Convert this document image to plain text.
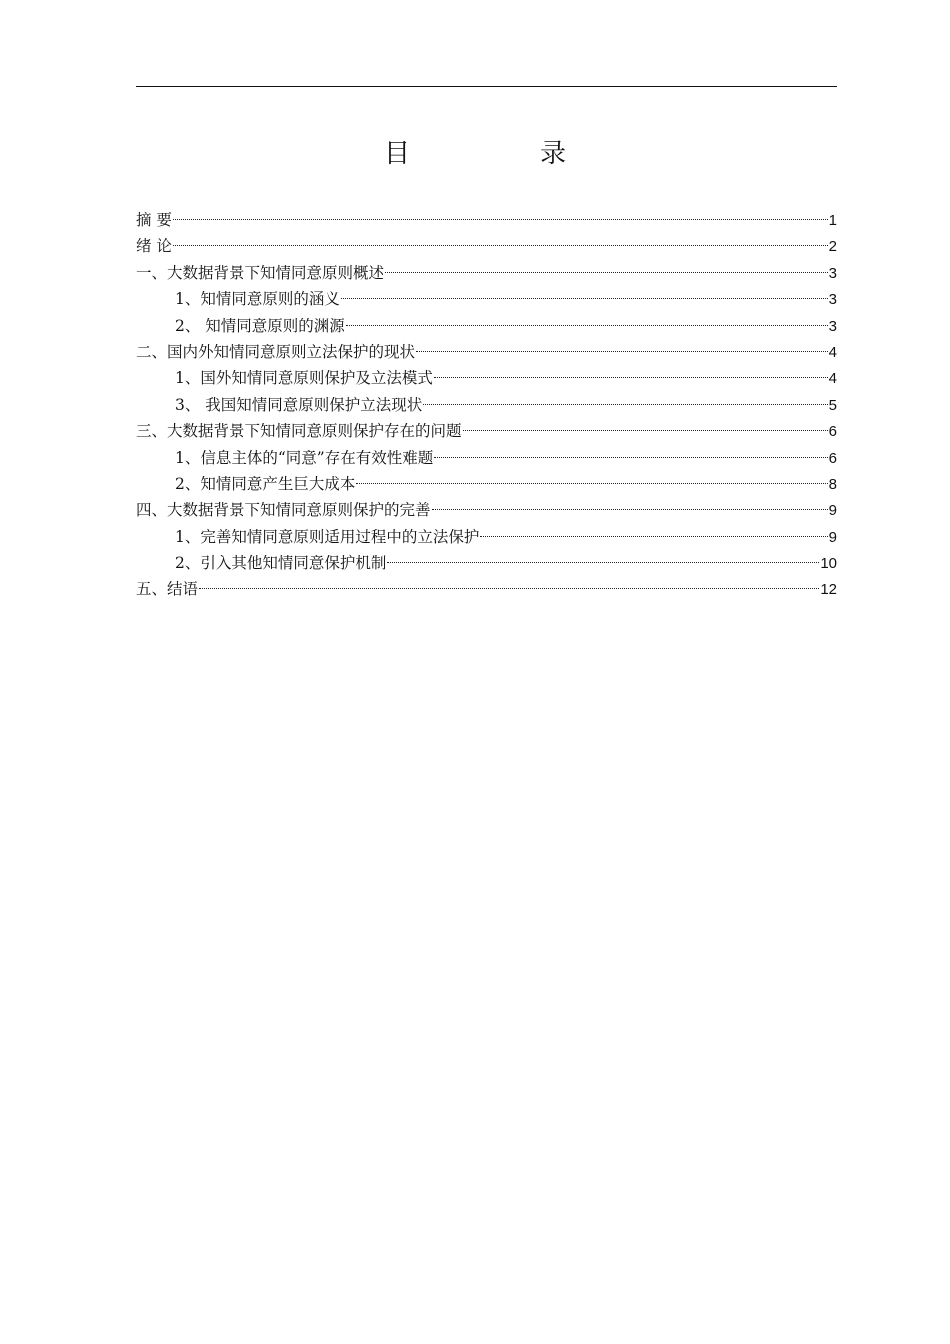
目　录
摘 要	1
绪 论	2
一、大数据背景下知情同意原则概述	3
1、知情同意原则的涵义	3
2、 知情同意原则的渊源	3
二、国内外知情同意原则立法保护的现状	4
1、国外知情同意原则保护及立法模式	4
3、 我国知情同意原则保护立法现状	5
三、大数据背景下知情同意原则保护存在的问题	6
1、信息主体的“同意”存在有效性难题	6
2、知情同意产生巨大成本	8
四、大数据背景下知情同意原则保护的完善	9
1、完善知情同意原则适用过程中的立法保护	9
2、引入其他知情同意保护机制	10
五、结语	12
